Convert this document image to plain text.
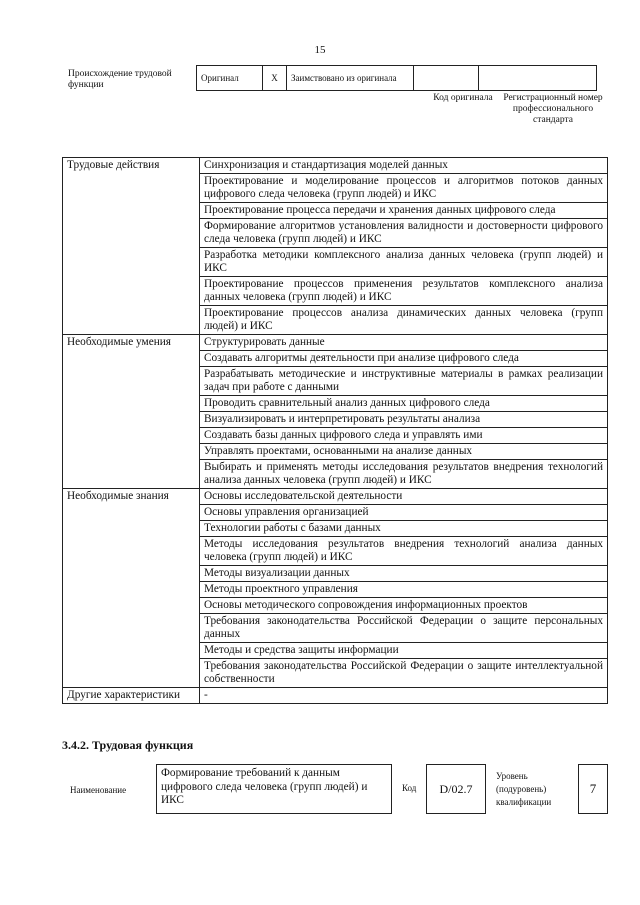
15
Происхождение трудовой функции
Оригинал	X	Заимствовано из оригинала		
Код оригинала	Регистрационный номер профессионального стандарта
Трудовые действия	Синхронизация и стандартизация моделей данных
	Проектирование и моделирование процессов и алгоритмов потоков данных цифрового следа человека (групп людей) и ИКС
	Проектирование процесса передачи и хранения данных цифрового следа
	Формирование алгоритмов установления валидности и достоверности цифрового следа человека (групп людей) и ИКС
	Разработка методики комплексного анализа данных человека (групп людей) и ИКС
	Проектирование процессов применения результатов комплексного анализа данных человека (групп людей) и ИКС
	Проектирование процессов анализа динамических данных человека (групп людей) и ИКС
Необходимые умения	Структурировать данные
	Создавать алгоритмы деятельности при анализе цифрового следа
	Разрабатывать методические и инструктивные материалы в рамках реализации задач при работе с данными
	Проводить сравнительный анализ данных цифрового следа
	Визуализировать и интерпретировать результаты анализа
	Создавать базы данных цифрового следа и управлять ими
	Управлять проектами, основанными на анализе данных
	Выбирать и применять методы исследования результатов внедрения технологий анализа данных человека (групп людей) и ИКС
Необходимые знания	Основы исследовательской деятельности
	Основы управления организацией
	Технологии работы с базами данных
	Методы исследования результатов внедрения технологий анализа данных человека (групп людей) и ИКС
	Методы визуализации данных
	Методы проектного управления
	Основы методического сопровождения информационных проектов
	Требования законодательства Российской Федерации о защите персональных данных
	Методы и средства защиты информации
	Требования законодательства Российской Федерации о защите интеллектуальной собственности
Другие характеристики	-
3.4.2. Трудовая функция
Наименование
Формирование требований к данным цифрового следа человека (групп людей) и ИКС
Код	D/02.7
Уровень (подуровень) квалификации
7
